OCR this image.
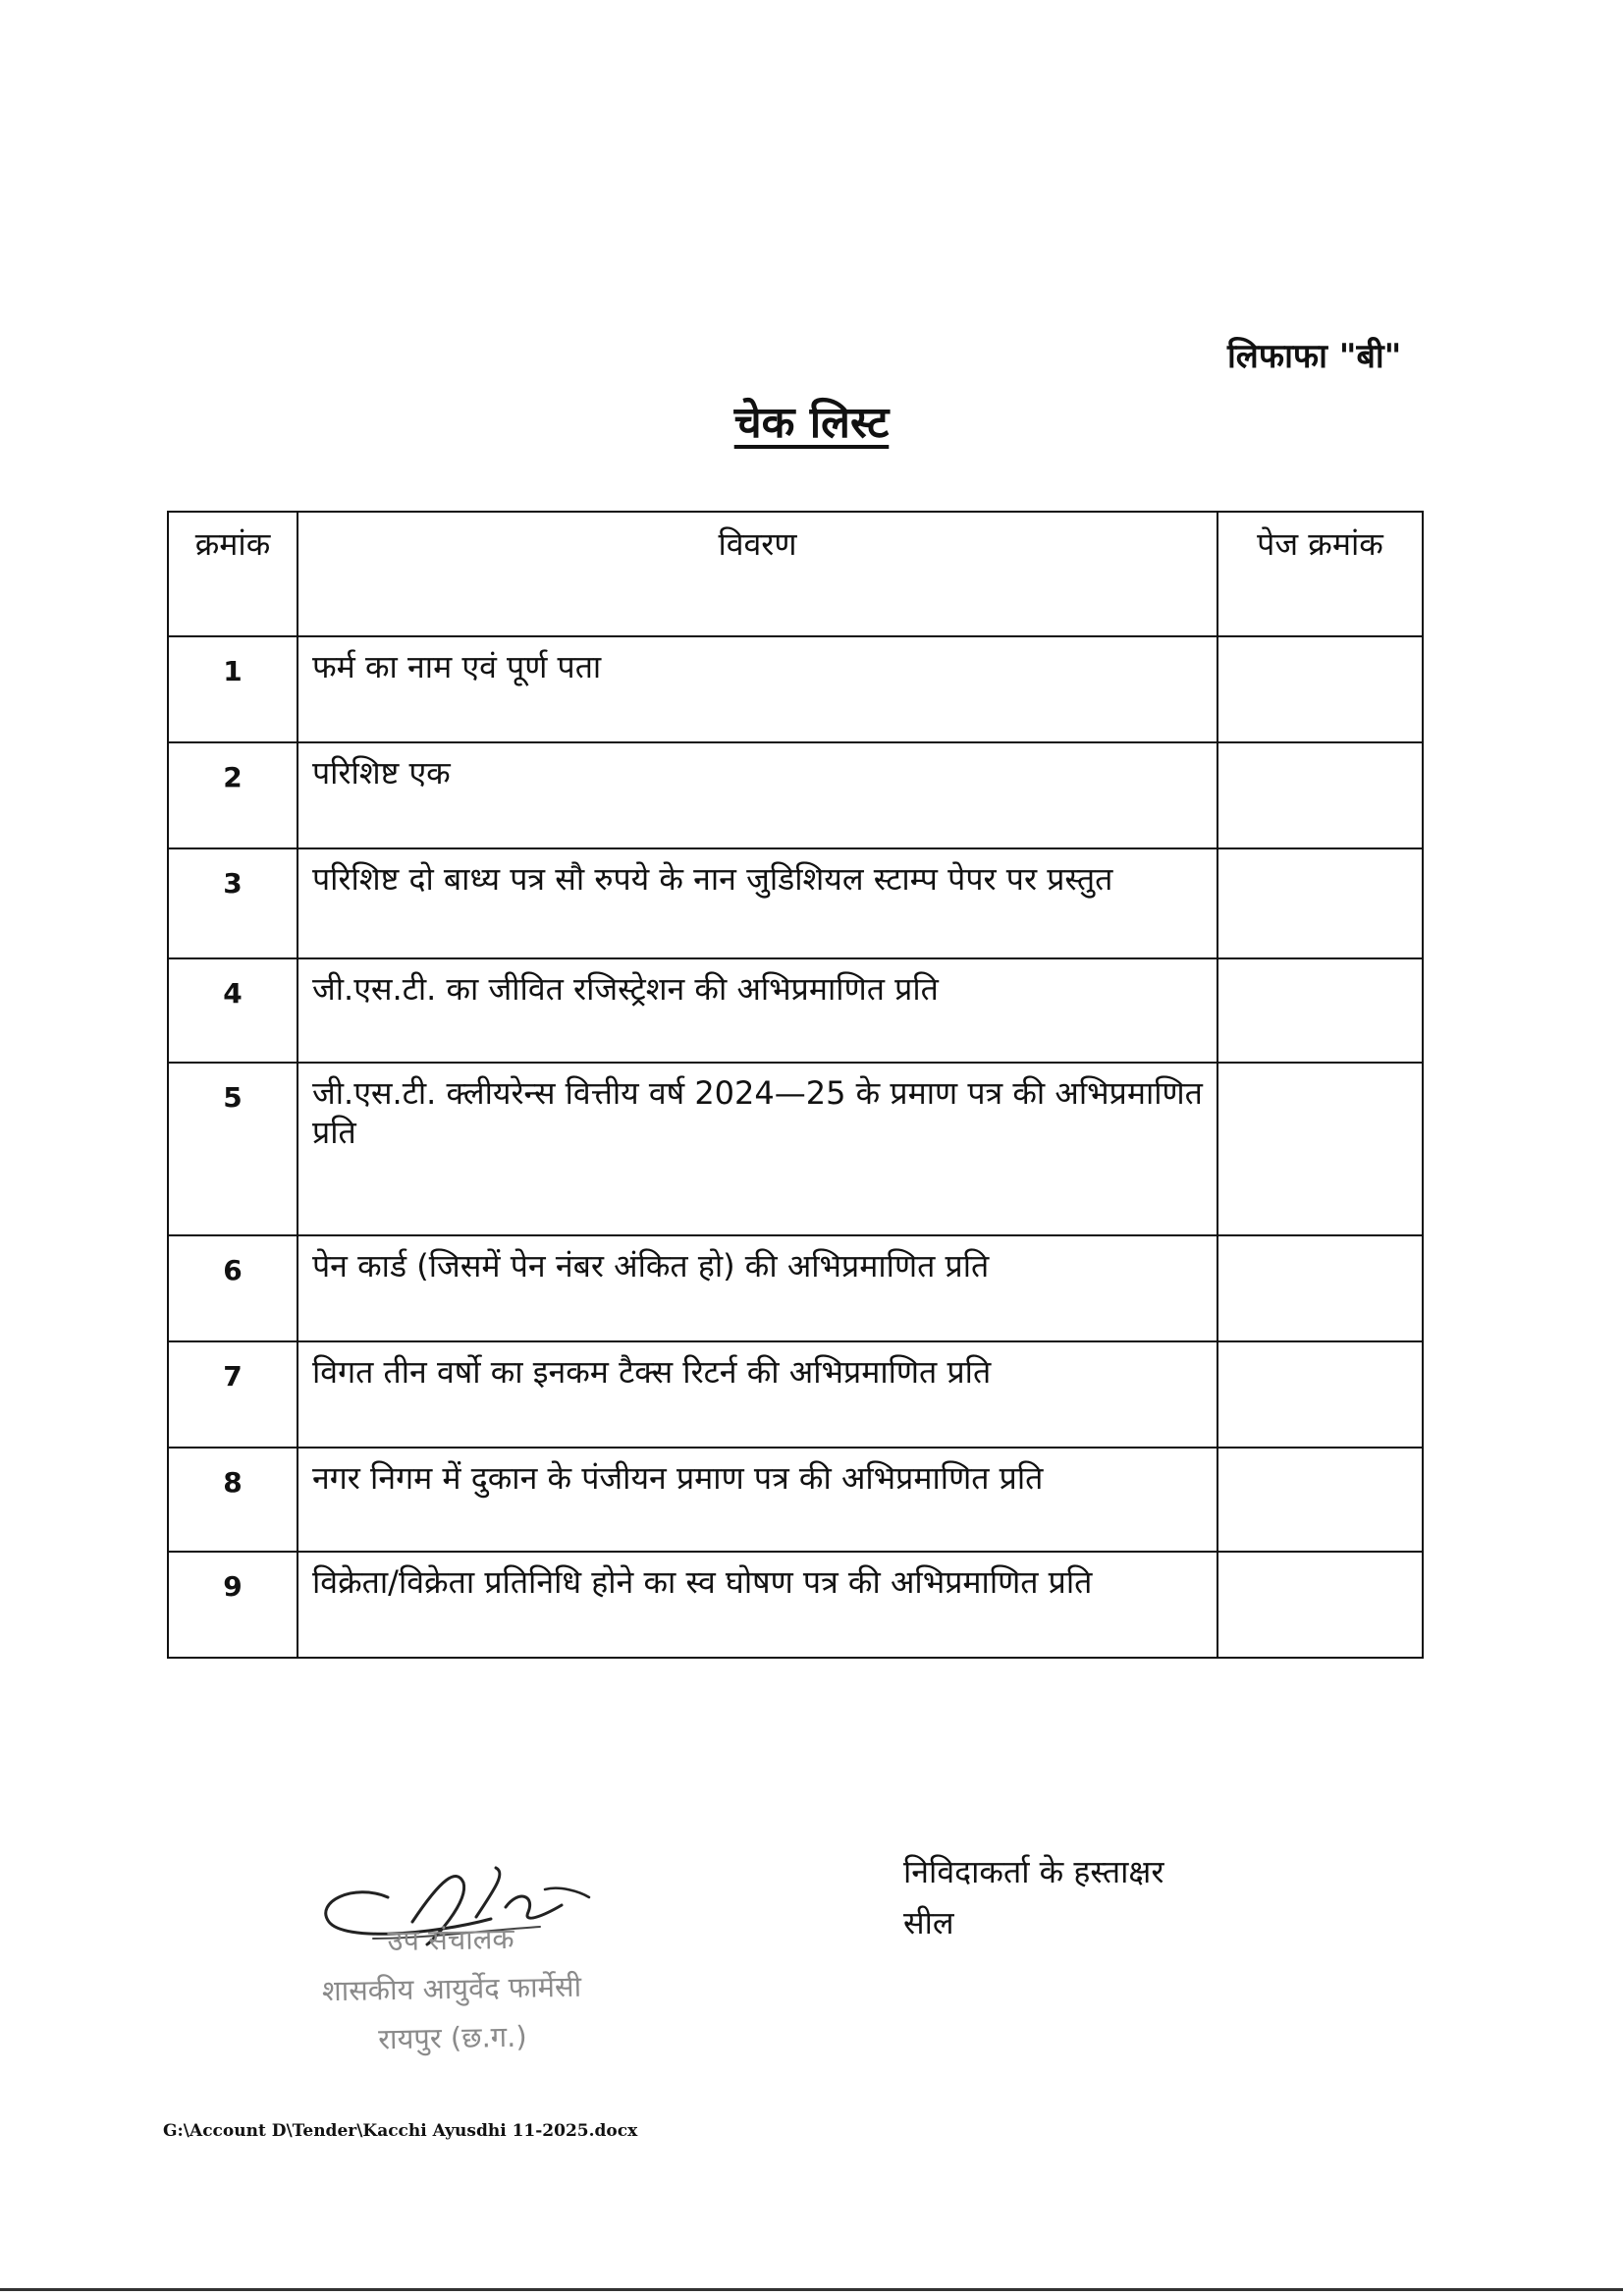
लिफाफा "बी"
चेक लिस्ट
क्रमांक	विवरण	पेज क्रमांक
1	फर्म का नाम एवं पूर्ण पता	
2	परिशिष्ट एक	
3	परिशिष्ट दो बाध्य पत्र सौ रुपये के नान जुडिशियल स्टाम्प पेपर पर प्रस्तुत	
4	जी.एस.टी. का जीवित रजिस्ट्रेशन की अभिप्रमाणित प्रति	
5	जी.एस.टी. क्लीयरेन्स वित्तीय वर्ष 2024—25 के प्रमाण पत्र की अभिप्रमाणित प्रति	
6	पेन कार्ड (जिसमें पेन नंबर अंकित हो) की अभिप्रमाणित प्रति	
7	विगत तीन वर्षो का इनकम टैक्स रिटर्न की अभिप्रमाणित प्रति	
8	नगर निगम में दुकान के पंजीयन प्रमाण पत्र की अभिप्रमाणित प्रति	
9	विक्रेता/विक्रेता प्रतिनिधि होने का स्व घोषण पत्र की अभिप्रमाणित प्रति	
उप संचालक
शासकीय आयुर्वेद फार्मेसी
रायपुर (छ.ग.)
निविदाकर्ता के हस्ताक्षर
सील
G:\Account D\Tender\Kacchi Ayusdhi 11-2025.docx
